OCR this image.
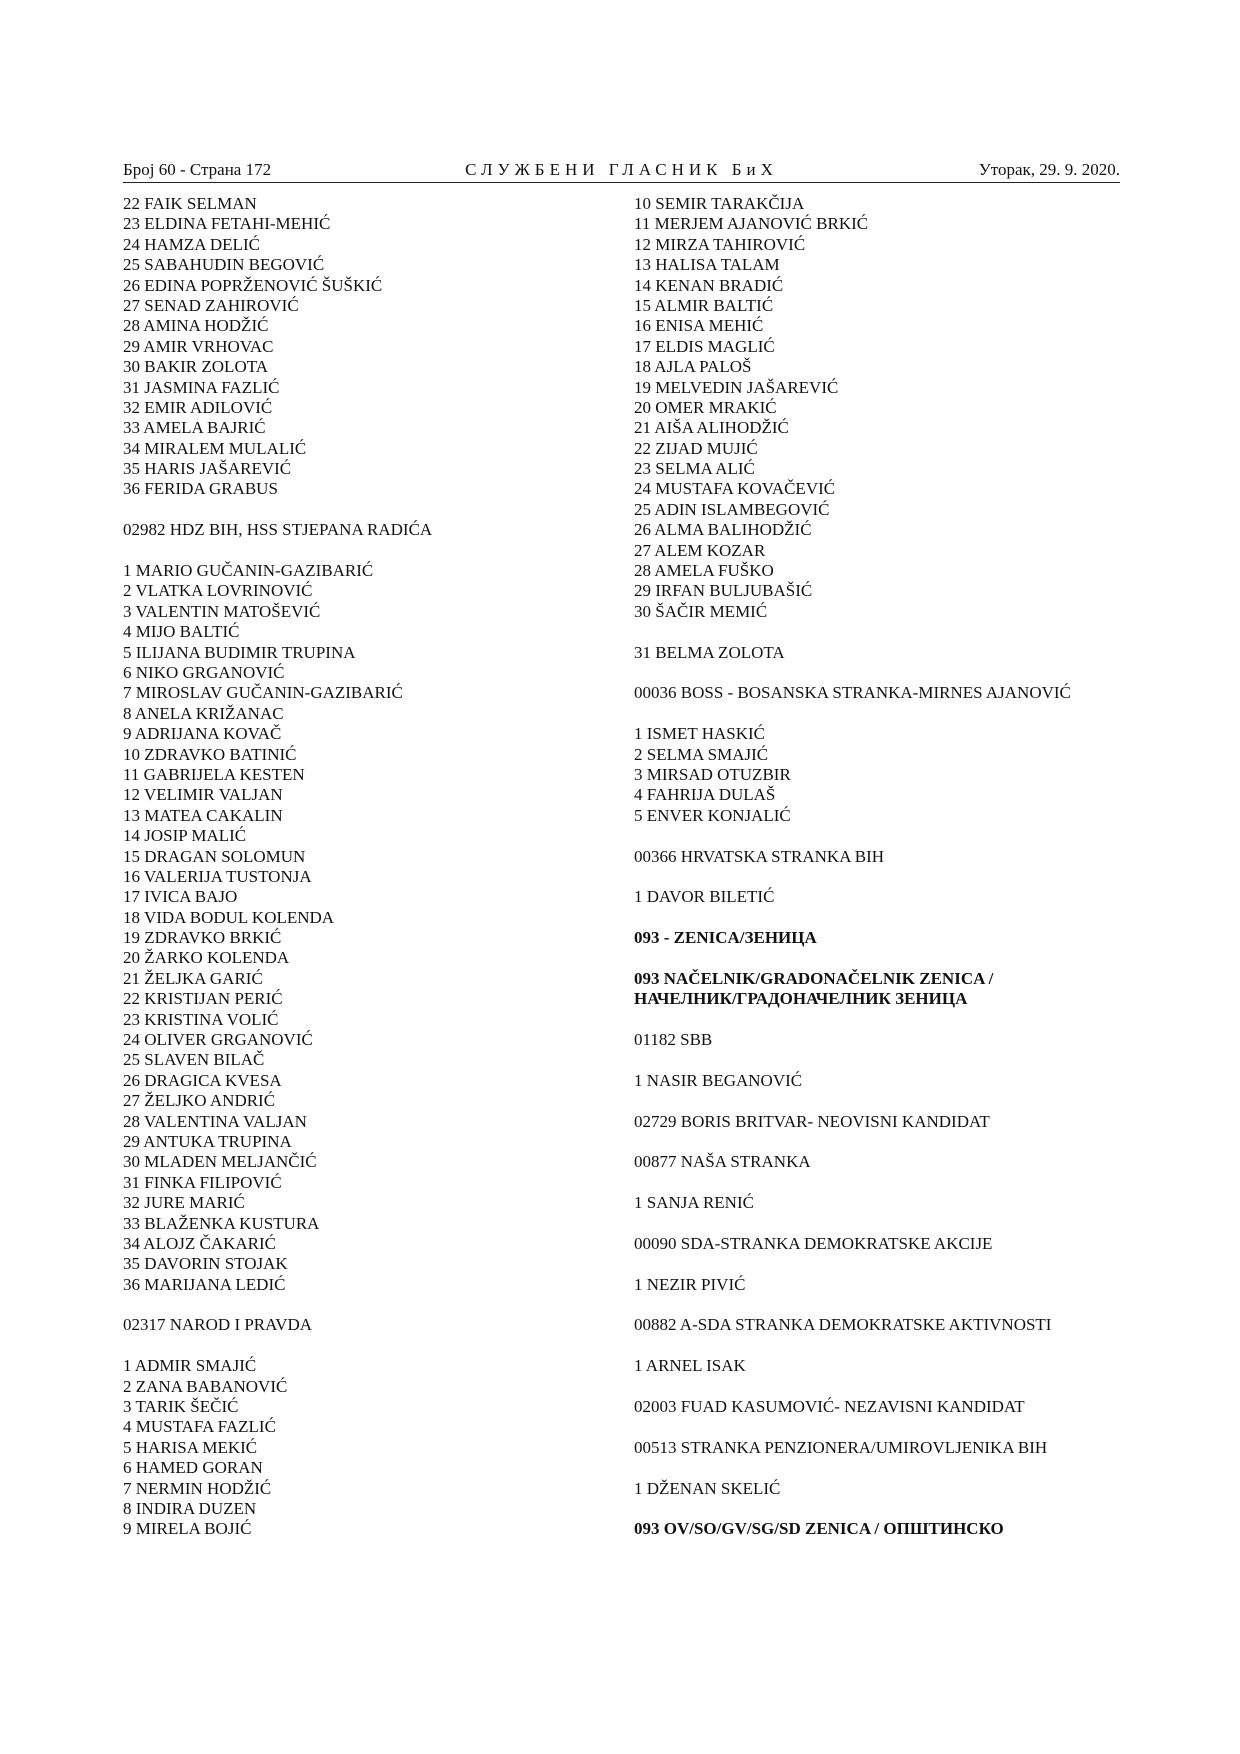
Број 60 - Страна 172	СЛУЖБЕНИ ГЛАСНИК БиХ	Уторак, 29. 9. 2020.
22 FAIK SELMAN
23 ELDINA FETAHI-MEHIĆ
24 HAMZA DELIĆ
25 SABAHUDIN BEGOVIĆ
26 EDINA POPRŽENOVIĆ ŠUŠKIĆ
27 SENAD ZAHIROVIĆ
28 AMINA HODŽIĆ
29 AMIR VRHOVAC
30 BAKIR ZOLOTA
31 JASMINA FAZLIĆ
32 EMIR ADILOVIĆ
33 AMELA BAJRIĆ
34 MIRALEM MULALIĆ
35 HARIS JAŠAREVIĆ
36 FERIDA GRABUS
02982 HDZ BIH, HSS STJEPANA RADIĆA
1 MARIO GUČANIN-GAZIBARIĆ
2 VLATKA LOVRINOVIĆ
3 VALENTIN MATOŠEVIĆ
4 MIJO BALTIĆ
5 ILIJANA BUDIMIR TRUPINA
6 NIKO GRGANOVIĆ
7 MIROSLAV GUČANIN-GAZIBARIĆ
8 ANELA KRIŽANAC
9 ADRIJANA KOVAČ
10 ZDRAVKO BATINIĆ
11 GABRIJELA KESTEN
12 VELIMIR VALJAN
13 MATEA CAKALIN
14 JOSIP MALIĆ
15 DRAGAN SOLOMUN
16 VALERIJA TUSTONJA
17 IVICA BAJO
18 VIDA BODUL KOLENDA
19 ZDRAVKO BRKIĆ
20 ŽARKO KOLENDA
21 ŽELJKA GARIĆ
22 KRISTIJAN PERIĆ
23 KRISTINA VOLIĆ
24 OLIVER GRGANOVIĆ
25 SLAVEN BILAČ
26 DRAGICA KVESA
27 ŽELJKO ANDRIĆ
28 VALENTINA VALJAN
29 ANTUKA TRUPINA
30 MLADEN MELJANČIĆ
31 FINKA FILIPOVIĆ
32 JURE MARIĆ
33 BLAŽENKA KUSTURA
34 ALOJZ ČAKARIĆ
35 DAVORIN STOJAK
36 MARIJANA LEDIĆ
02317 NAROD I PRAVDA
1 ADMIR SMAJIĆ
2 ZANA BABANOVIĆ
3 TARIK ŠEČIĆ
4 MUSTAFA FAZLIĆ
5 HARISA MEKIĆ
6 HAMED GORAN
7 NERMIN HODŽIĆ
8 INDIRA DUZEN
9 MIRELA BOJIĆ
10 SEMIR TARAKČIJA
11 MERJEM AJANOVIĆ BRKIĆ
12 MIRZA TAHIROVIĆ
13 HALISA TALAM
14 KENAN BRADIĆ
15 ALMIR BALTIĆ
16 ENISA MEHIĆ
17 ELDIS MAGLIĆ
18 AJLA PALOŠ
19 MELVEDIN JAŠAREVIĆ
20 OMER MRAKIĆ
21 AIŠA ALIHODŽIĆ
22 ZIJAD MUJIĆ
23 SELMA ALIĆ
24 MUSTAFA KOVAČEVIĆ
25 ADIN ISLAMBEGOVIĆ
26 ALMA BALIHODŽIĆ
27 ALEM KOZAR
28 AMELA FUŠKO
29 IRFAN BULJUBAŠIĆ
30 ŠAČIR MEMIĆ
31 BELMA ZOLOTA
00036 BOSS - BOSANSKA STRANKA-MIRNES AJANOVIĆ
1 ISMET HASKIĆ
2 SELMA SMAJIĆ
3 MIRSAD OTUZBIR
4 FAHRIJA DULAŠ
5 ENVER KONJALIĆ
00366 HRVATSKA STRANKA BIH
1 DAVOR BILETIĆ
093 - ZENICA/ЗЕНИЦА
093 NAČELNIK/GRADONAČELNIK ZENICA /
НАЧЕЛНИК/ГРАДОНАЧЕЛНИК ЗЕНИЦА
01182 SBB
1 NASIR BEGANOVIĆ
02729 BORIS BRITVAR- NEOVISNI KANDIDAT
00877 NAŠA STRANKA
1 SANJA RENIĆ
00090 SDA-STRANKA DEMOKRATSKE AKCIJE
1 NEZIR PIVIĆ
00882 A-SDA STRANKA DEMOKRATSKE AKTIVNOSTI
1 ARNEL ISAK
02003 FUAD KASUMOVIĆ- NEZAVISNI KANDIDAT
00513 STRANKA PENZIONERA/UMIROVLJENIKA BIH
1 DŽENAN SKELIĆ
093 OV/SO/GV/SG/SD ZENICA / ОПШТИНСКО
